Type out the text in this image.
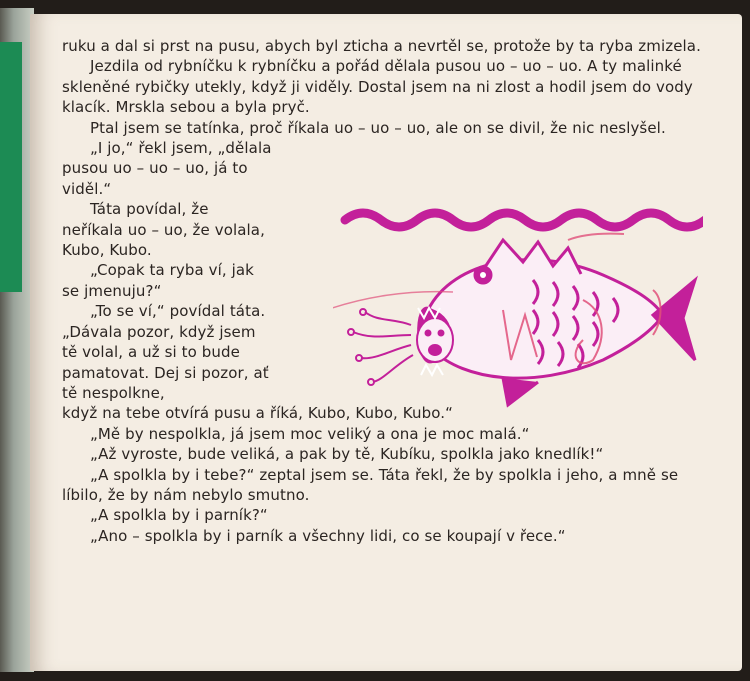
ruku a dal si prst na pusu, abych byl zticha a nevrtěl se, protože by ta ryba zmizela.

Jezdila od rybníčku k rybníčku a pořád dělala pusou uo – uo – uo. A ty malinké skleněné rybičky utekly, když ji viděly. Dostal jsem na ni zlost a hodil jsem do vody klacík. Mrskla sebou a byla pryč.

Ptal jsem se tatínka, proč říkala uo – uo – uo, ale on se divil, že nic neslyšel.

„I jo,“ řekl jsem, „dělala pusou uo – uo – uo, já to viděl.“

Táta povídal, že neříkala uo – uo, že volala, Kubo, Kubo.

„Copak ta ryba ví, jak se jmenuju?“

„To se ví,“ povídal táta. „Dávala pozor, když jsem tě volal, a už si to bude pamatovat. Dej si pozor, ať tě nespolkne,

když na tebe otvírá pusu a říká, Kubo, Kubo, Kubo.“

„Mě by nespolkla, já jsem moc veliký a ona je moc malá.“

„Až vyroste, bude veliká, a pak by tě, Kubíku, spolkla jako knedlík!“

„A spolkla by i tebe?“ zeptal jsem se. Táta řekl, že by spolkla i jeho, a mně se líbilo, že by nám nebylo smutno.

„A spolkla by i parník?“

„Ano – spolkla by i parník a všechny lidi, co se koupají v řece.“
